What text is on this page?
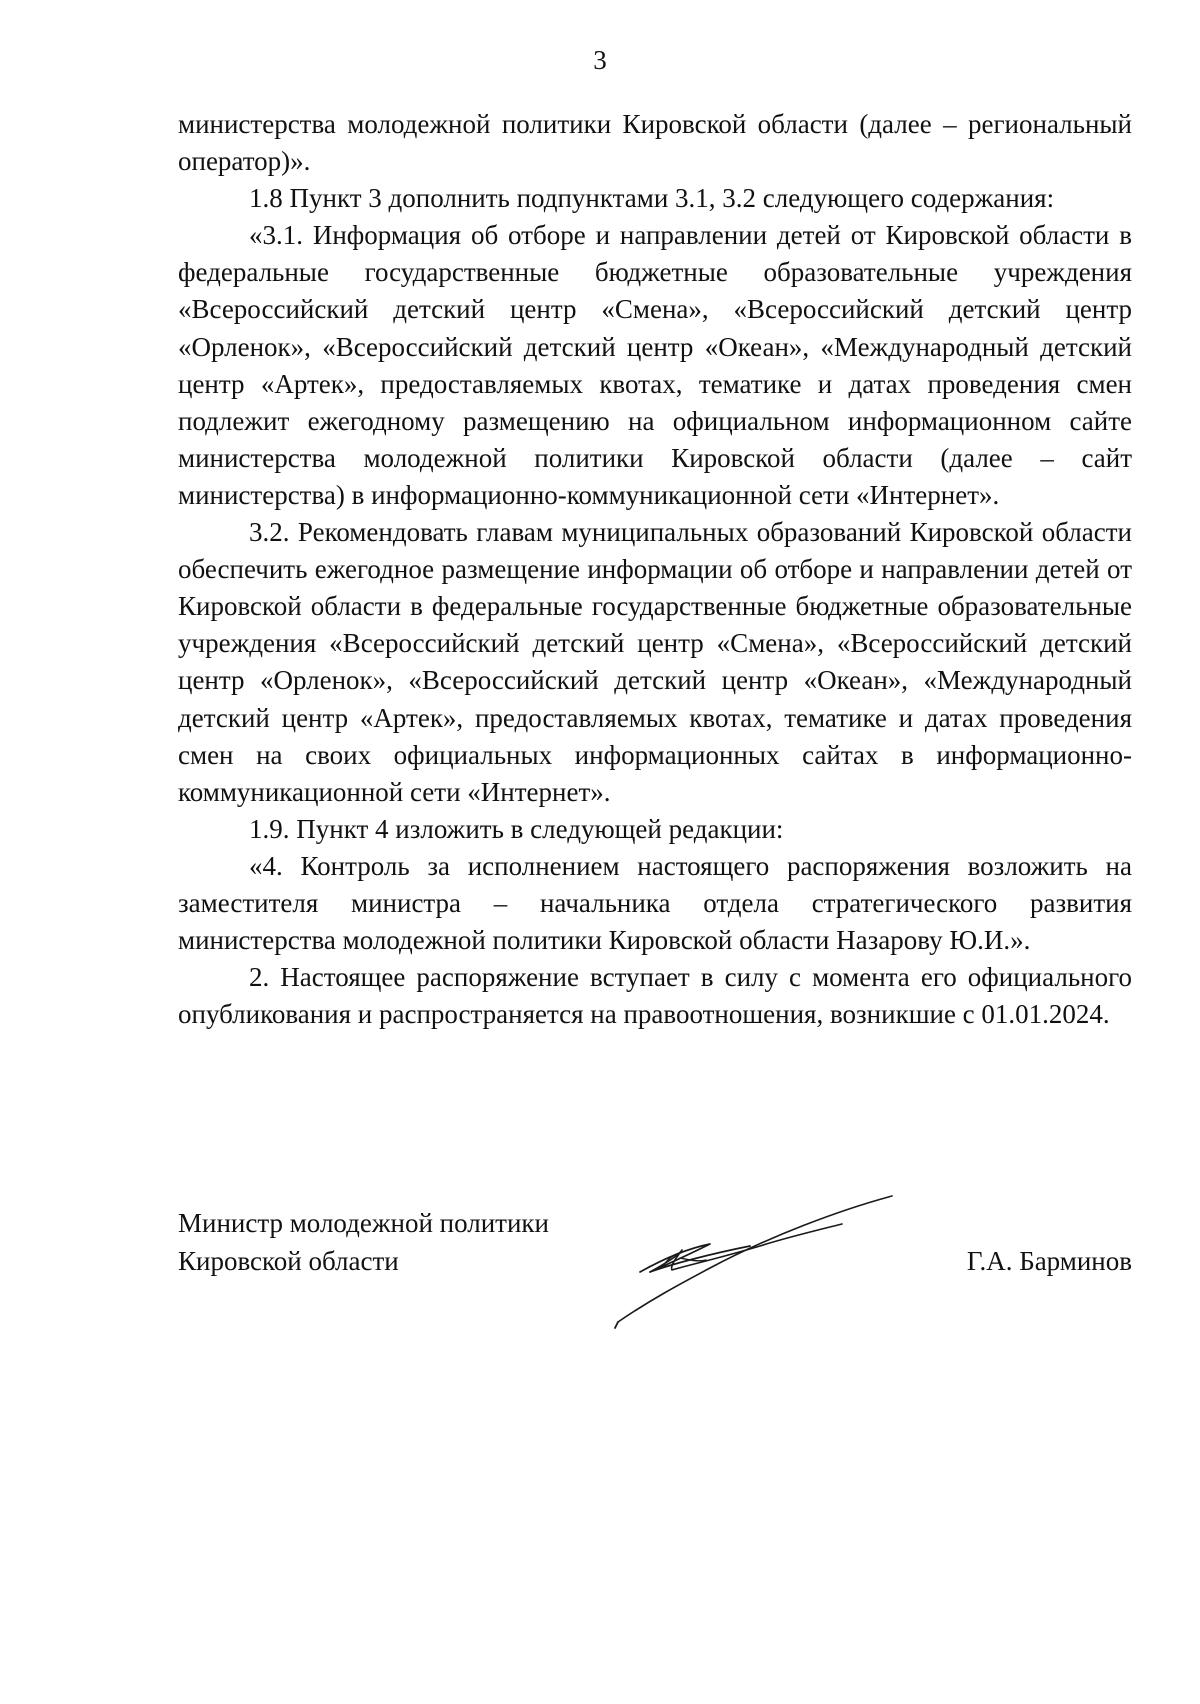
3

министерства молодежной политики Кировской области (далее – региональный оператор)».

1.8 Пункт 3 дополнить подпунктами 3.1, 3.2 следующего содержания:

«3.1. Информация об отборе и направлении детей от Кировской области в федеральные государственные бюджетные образовательные учреждения «Всероссийский детский центр «Смена», «Всероссийский детский центр «Орленок», «Всероссийский детский центр «Океан», «Международный детский центр «Артек», предоставляемых квотах, тематике и датах проведения смен подлежит ежегодному размещению на официальном информационном сайте министерства молодежной политики Кировской области (далее – сайт министерства) в информационно-коммуникационной сети «Интернет».

3.2. Рекомендовать главам муниципальных образований Кировской области обеспечить ежегодное размещение информации об отборе и направлении детей от Кировской области в федеральные государственные бюджетные образовательные учреждения «Всероссийский детский центр «Смена», «Всероссийский детский центр «Орленок», «Всероссийский детский центр «Океан», «Международный детский центр «Артек», предоставляемых квотах, тематике и датах проведения смен на своих официальных информационных сайтах в информационно-коммуникационной сети «Интернет».

1.9. Пункт 4 изложить в следующей редакции:

«4. Контроль за исполнением настоящего распоряжения возложить на заместителя министра – начальника отдела стратегического развития министерства молодежной политики Кировской области Назарову Ю.И.».

2. Настоящее распоряжение вступает в силу с момента его официального опубликования и распространяется на правоотношения, возникшие с 01.01.2024.

Министр молодежной политики
Кировской области	Г.А. Барминов
